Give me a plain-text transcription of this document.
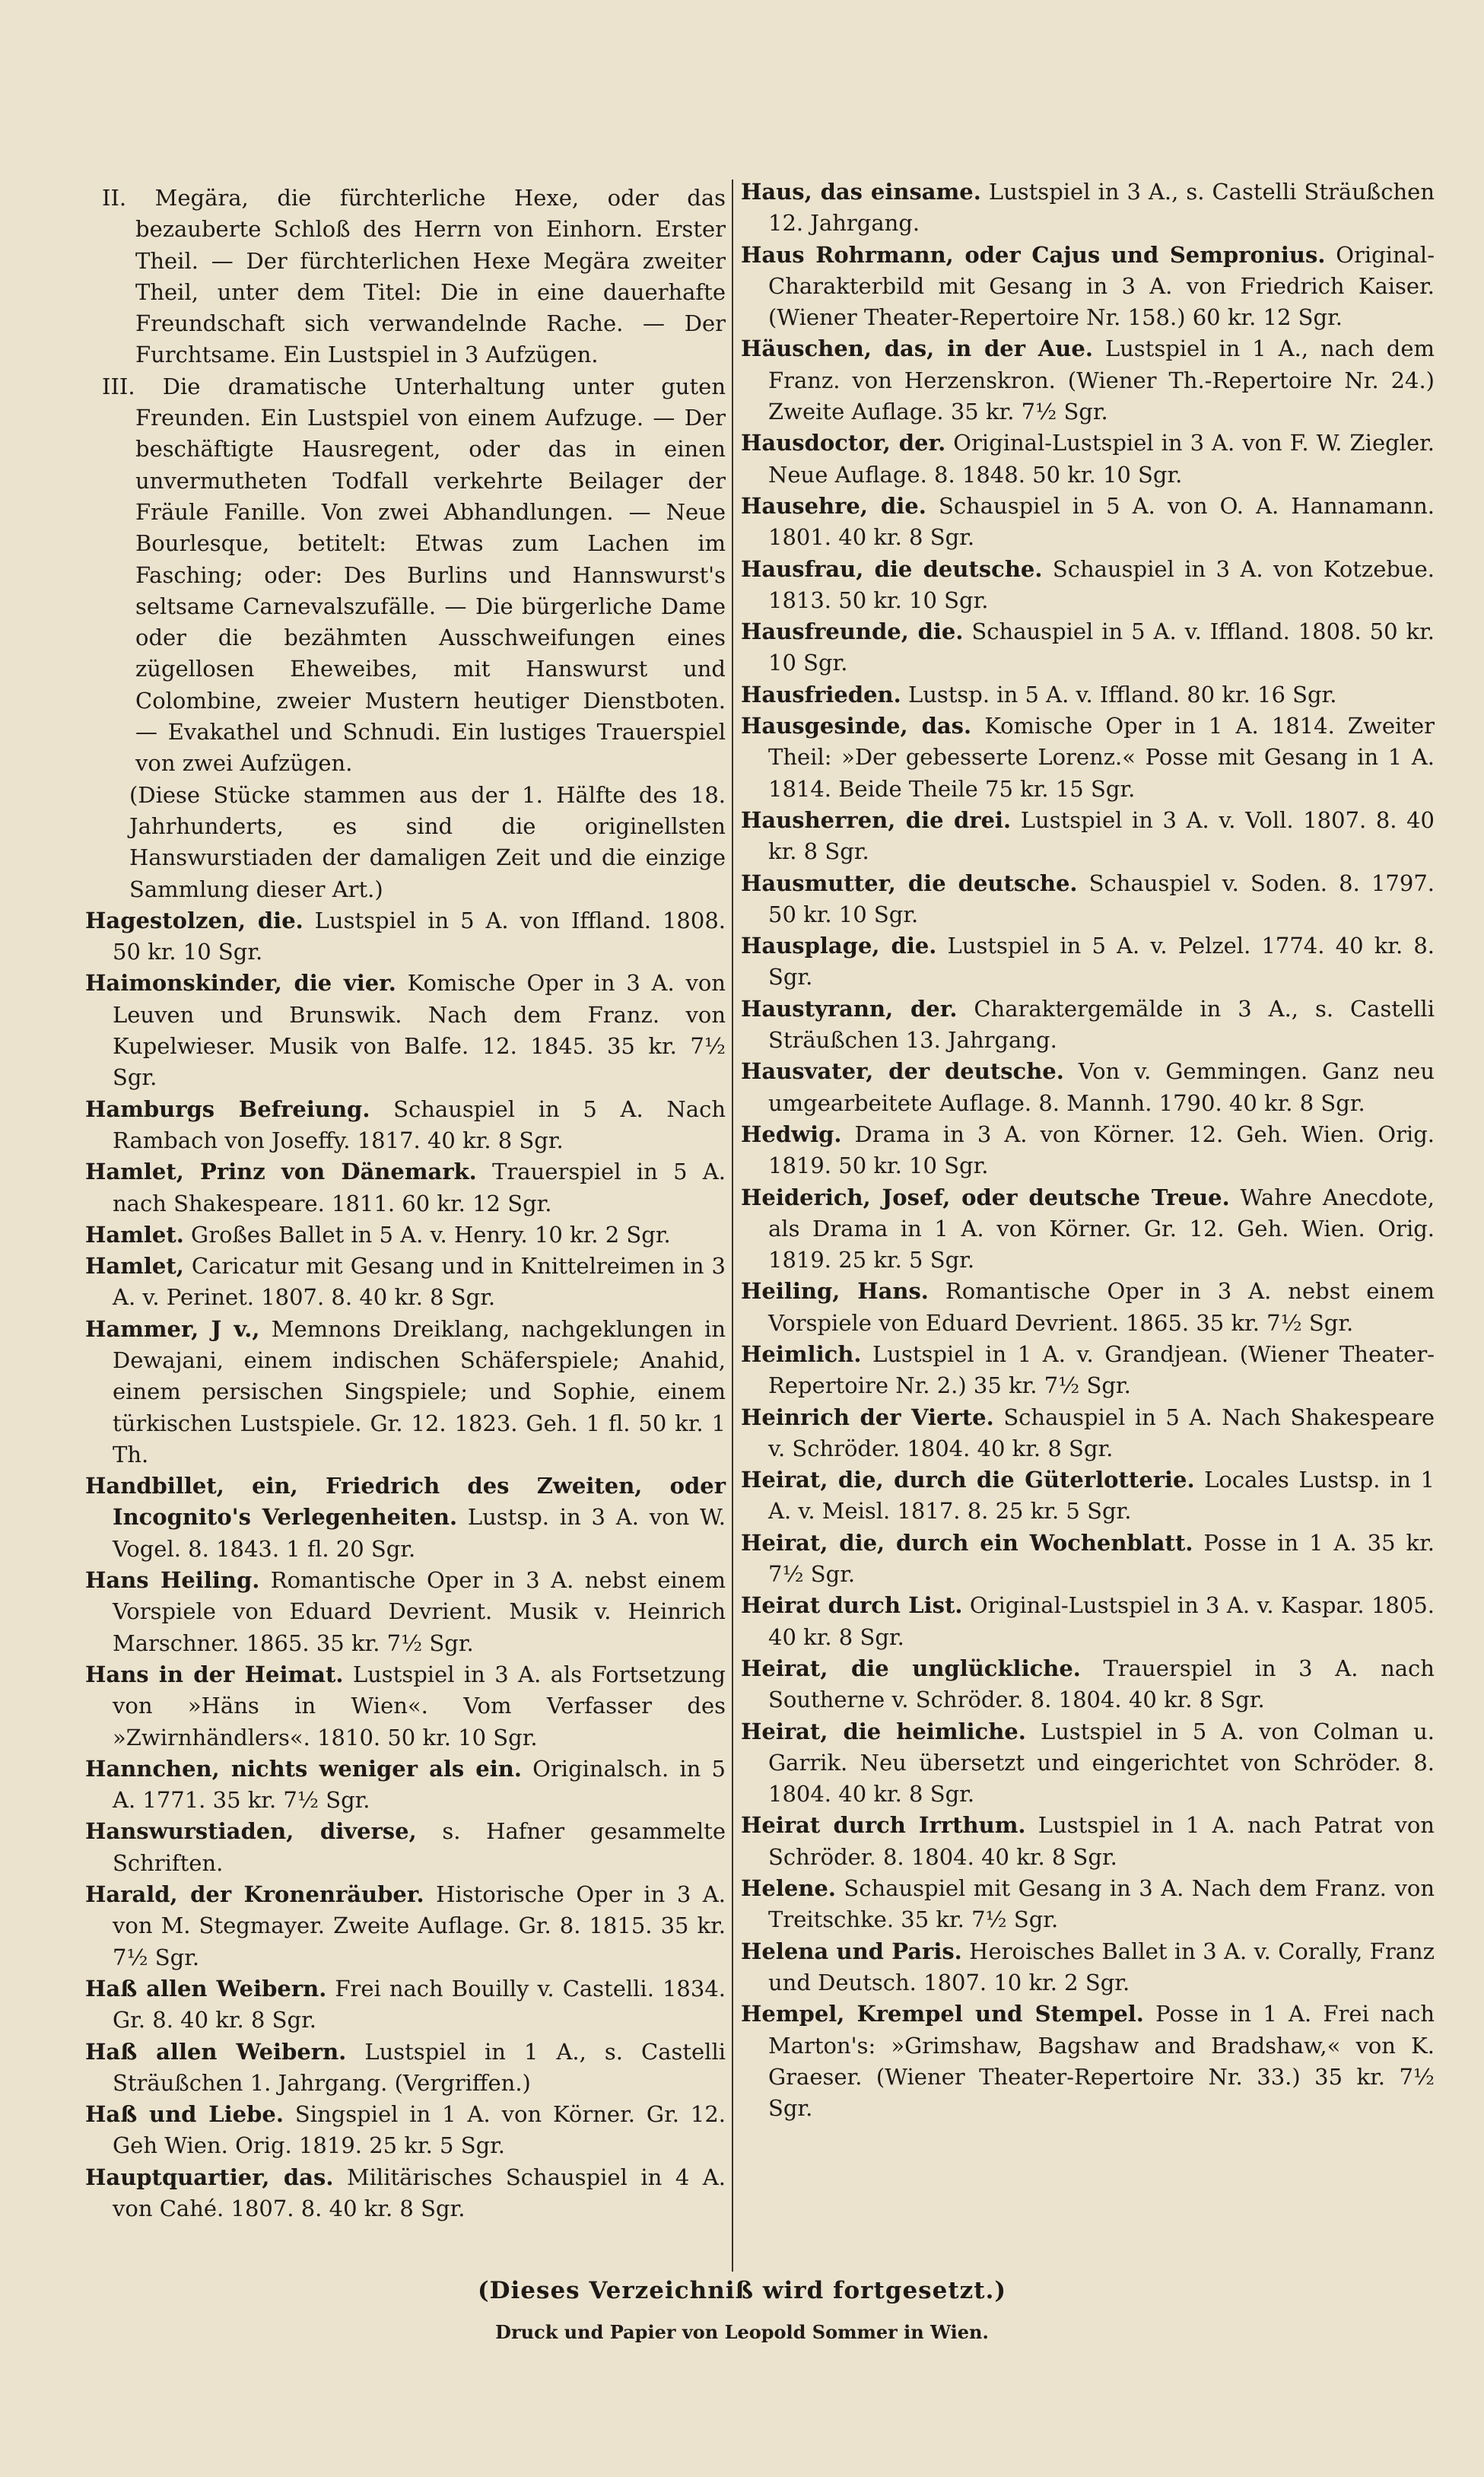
II. Megära, die fürchterliche Hexe, oder das bezauberte Schloß des Herrn von Einhorn. Erster Theil. — Der fürchterlichen Hexe Megära zweiter Theil, unter dem Titel: Die in eine dauerhafte Freundschaft sich verwandelnde Rache. — Der Furchtsame. Ein Lustspiel in 3 Aufzügen.

III. Die dramatische Unterhaltung unter guten Freunden. Ein Lustspiel von einem Aufzuge. — Der beschäftigte Hausregent, oder das in einen unvermutheten Todfall verkehrte Beilager der Fräule Fanille. Von zwei Abhandlungen. — Neue Bourlesque, betitelt: Etwas zum Lachen im Fasching; oder: Des Burlins und Hannswurst's seltsame Carnevalszufälle. — Die bürgerliche Dame oder die bezähmten Ausschweifungen eines zügellosen Eheweibes, mit Hanswurst und Colombine, zweier Mustern heutiger Dienstboten. — Evakathel und Schnudi. Ein lustiges Trauerspiel von zwei Aufzügen.

(Diese Stücke stammen aus der 1. Hälfte des 18. Jahrhunderts, es sind die originellsten Hanswurstiaden der damaligen Zeit und die einzige Sammlung dieser Art.)

Hagestolzen, die. Lustspiel in 5 A. von Iffland. 1808. 50 kr. 10 Sgr.

Haimonskinder, die vier. Komische Oper in 3 A. von Leuven und Brunswik. Nach dem Franz. von Kupelwieser. Musik von Balfe. 12. 1845. 35 kr. 7½ Sgr.

Hamburgs Befreiung. Schauspiel in 5 A. Nach Rambach von Joseffy. 1817. 40 kr. 8 Sgr.

Hamlet, Prinz von Dänemark. Trauerspiel in 5 A. nach Shakespeare. 1811. 60 kr. 12 Sgr.

Hamlet. Großes Ballet in 5 A. v. Henry. 10 kr. 2 Sgr.

Hamlet, Caricatur mit Gesang und in Knittelreimen in 3 A. v. Perinet. 1807. 8. 40 kr. 8 Sgr.

Hammer, J v., Memnons Dreiklang, nachgeklungen in Dewajani, einem indischen Schäferspiele; Anahid, einem persischen Singspiele; und Sophie, einem türkischen Lustspiele. Gr. 12. 1823. Geh. 1 fl. 50 kr. 1 Th.

Handbillet, ein, Friedrich des Zweiten, oder Incognito's Verlegenheiten. Lustsp. in 3 A. von W. Vogel. 8. 1843. 1 fl. 20 Sgr.

Hans Heiling. Romantische Oper in 3 A. nebst einem Vorspiele von Eduard Devrient. Musik v. Heinrich Marschner. 1865. 35 kr. 7½ Sgr.

Hans in der Heimat. Lustspiel in 3 A. als Fortsetzung von »Häns in Wien«. Vom Verfasser des »Zwirnhändlers«. 1810. 50 kr. 10 Sgr.

Hannchen, nichts weniger als ein. Originalsch. in 5 A. 1771. 35 kr. 7½ Sgr.

Hanswurstiaden, diverse, s. Hafner gesammelte Schriften.

Harald, der Kronenräuber. Historische Oper in 3 A. von M. Stegmayer. Zweite Auflage. Gr. 8. 1815. 35 kr. 7½ Sgr.

Haß allen Weibern. Frei nach Bouilly v. Castelli. 1834. Gr. 8. 40 kr. 8 Sgr.

Haß allen Weibern. Lustspiel in 1 A., s. Castelli Sträußchen 1. Jahrgang. (Vergriffen.)

Haß und Liebe. Singspiel in 1 A. von Körner. Gr. 12. Geh Wien. Orig. 1819. 25 kr. 5 Sgr.

Hauptquartier, das. Militärisches Schauspiel in 4 A. von Cahé. 1807. 8. 40 kr. 8 Sgr.

Haus, das einsame. Lustspiel in 3 A., s. Castelli Sträußchen 12. Jahrgang.

Haus Rohrmann, oder Cajus und Sempronius. Original-Charakterbild mit Gesang in 3 A. von Friedrich Kaiser. (Wiener Theater-Repertoire Nr. 158.) 60 kr. 12 Sgr.

Häuschen, das, in der Aue. Lustspiel in 1 A., nach dem Franz. von Herzenskron. (Wiener Th.-Repertoire Nr. 24.) Zweite Auflage. 35 kr. 7½ Sgr.

Hausdoctor, der. Original-Lustspiel in 3 A. von F. W. Ziegler. Neue Auflage. 8. 1848. 50 kr. 10 Sgr.

Hausehre, die. Schauspiel in 5 A. von O. A. Hannamann. 1801. 40 kr. 8 Sgr.

Hausfrau, die deutsche. Schauspiel in 3 A. von Kotzebue. 1813. 50 kr. 10 Sgr.

Hausfreunde, die. Schauspiel in 5 A. v. Iffland. 1808. 50 kr. 10 Sgr.

Hausfrieden. Lustsp. in 5 A. v. Iffland. 80 kr. 16 Sgr.

Hausgesinde, das. Komische Oper in 1 A. 1814. Zweiter Theil: »Der gebesserte Lorenz.« Posse mit Gesang in 1 A. 1814. Beide Theile 75 kr. 15 Sgr.

Hausherren, die drei. Lustspiel in 3 A. v. Voll. 1807. 8. 40 kr. 8 Sgr.

Hausmutter, die deutsche. Schauspiel v. Soden. 8. 1797. 50 kr. 10 Sgr.

Hausplage, die. Lustspiel in 5 A. v. Pelzel. 1774. 40 kr. 8. Sgr.

Haustyrann, der. Charaktergemälde in 3 A., s. Castelli Sträußchen 13. Jahrgang.

Hausvater, der deutsche. Von v. Gemmingen. Ganz neu umgearbeitete Auflage. 8. Mannh. 1790. 40 kr. 8 Sgr.

Hedwig. Drama in 3 A. von Körner. 12. Geh. Wien. Orig. 1819. 50 kr. 10 Sgr.

Heiderich, Josef, oder deutsche Treue. Wahre Anecdote, als Drama in 1 A. von Körner. Gr. 12. Geh. Wien. Orig. 1819. 25 kr. 5 Sgr.

Heiling, Hans. Romantische Oper in 3 A. nebst einem Vorspiele von Eduard Devrient. 1865. 35 kr. 7½ Sgr.

Heimlich. Lustspiel in 1 A. v. Grandjean. (Wiener Theater-Repertoire Nr. 2.) 35 kr. 7½ Sgr.

Heinrich der Vierte. Schauspiel in 5 A. Nach Shakespeare v. Schröder. 1804. 40 kr. 8 Sgr.

Heirat, die, durch die Güterlotterie. Locales Lustsp. in 1 A. v. Meisl. 1817. 8. 25 kr. 5 Sgr.

Heirat, die, durch ein Wochenblatt. Posse in 1 A. 35 kr. 7½ Sgr.

Heirat durch List. Original-Lustspiel in 3 A. v. Kaspar. 1805. 40 kr. 8 Sgr.

Heirat, die unglückliche. Trauerspiel in 3 A. nach Southerne v. Schröder. 8. 1804. 40 kr. 8 Sgr.

Heirat, die heimliche. Lustspiel in 5 A. von Colman u. Garrik. Neu übersetzt und eingerichtet von Schröder. 8. 1804. 40 kr. 8 Sgr.

Heirat durch Irrthum. Lustspiel in 1 A. nach Patrat von Schröder. 8. 1804. 40 kr. 8 Sgr.

Helene. Schauspiel mit Gesang in 3 A. Nach dem Franz. von Treitschke. 35 kr. 7½ Sgr.

Helena und Paris. Heroisches Ballet in 3 A. v. Corally, Franz und Deutsch. 1807. 10 kr. 2 Sgr.

Hempel, Krempel und Stempel. Posse in 1 A. Frei nach Marton's: »Grimshaw, Bagshaw and Bradshaw,« von K. Graeser. (Wiener Theater-Repertoire Nr. 33.) 35 kr. 7½ Sgr.

(Dieses Verzeichniß wird fortgesetzt.)
Druck und Papier von Leopold Sommer in Wien.
